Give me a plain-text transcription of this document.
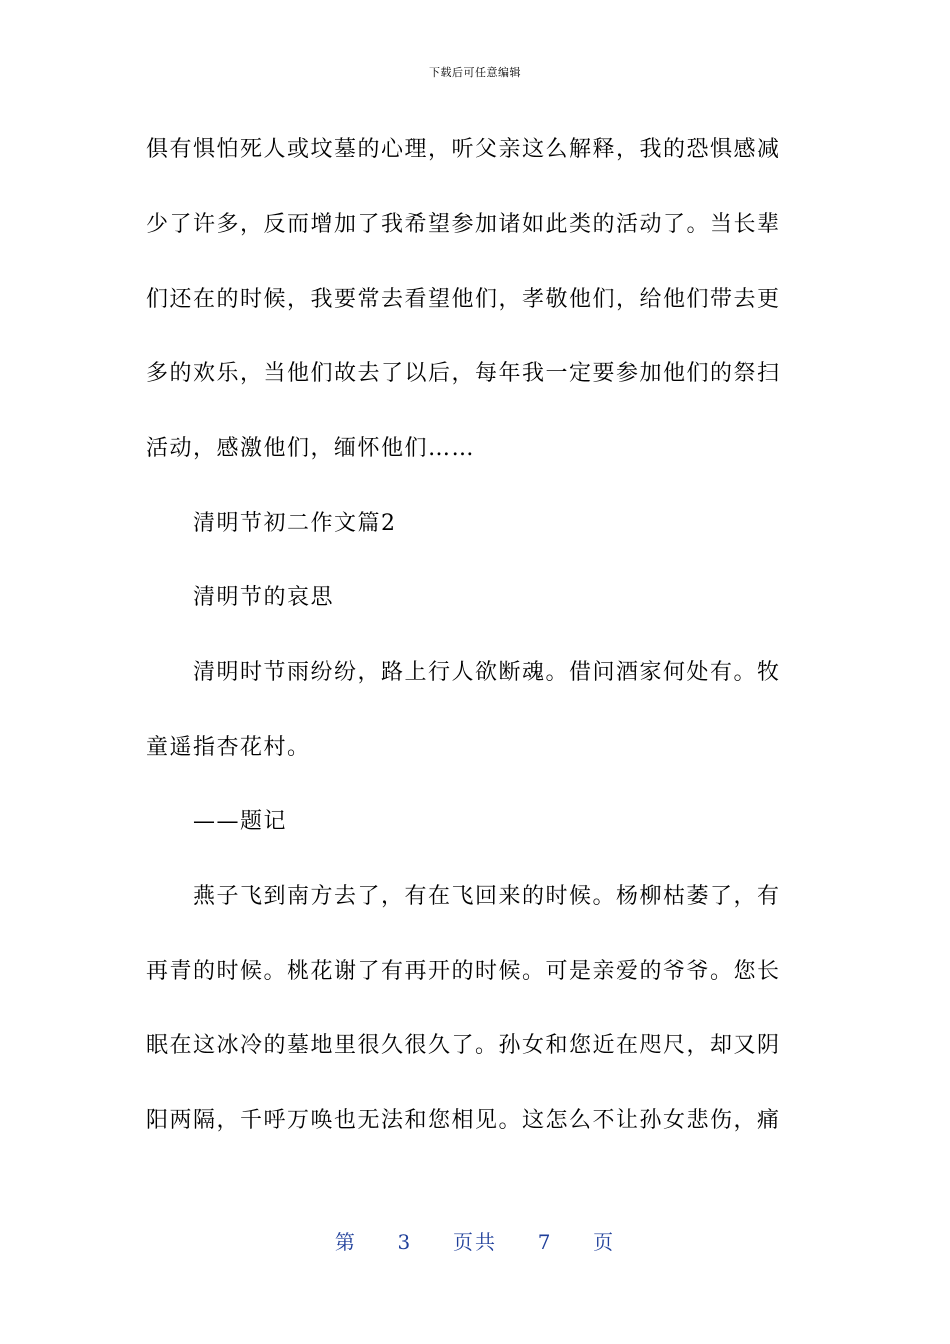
下载后可任意编辑
俱有惧怕死人或坟墓的心理，听父亲这么解释，我的恐惧感减
少了许多，反而增加了我希望参加诸如此类的活动了。当长辈
们还在的时候，我要常去看望他们，孝敬他们，给他们带去更
多的欢乐，当他们故去了以后，每年我一定要参加他们的祭扫
活动，感激他们，缅怀他们……
清明节初二作文篇2
清明节的哀思
清明时节雨纷纷，路上行人欲断魂。借问酒家何处有。牧
童遥指杏花村。
——题记
燕子飞到南方去了，有在飞回来的时候。杨柳枯萎了，有
再青的时候。桃花谢了有再开的时候。可是亲爱的爷爷。您长
眠在这冰冷的墓地里很久很久了。孙女和您近在咫尺，却又阴
阳两隔，千呼万唤也无法和您相见。这怎么不让孙女悲伤，痛
第 3 页共 7 页
